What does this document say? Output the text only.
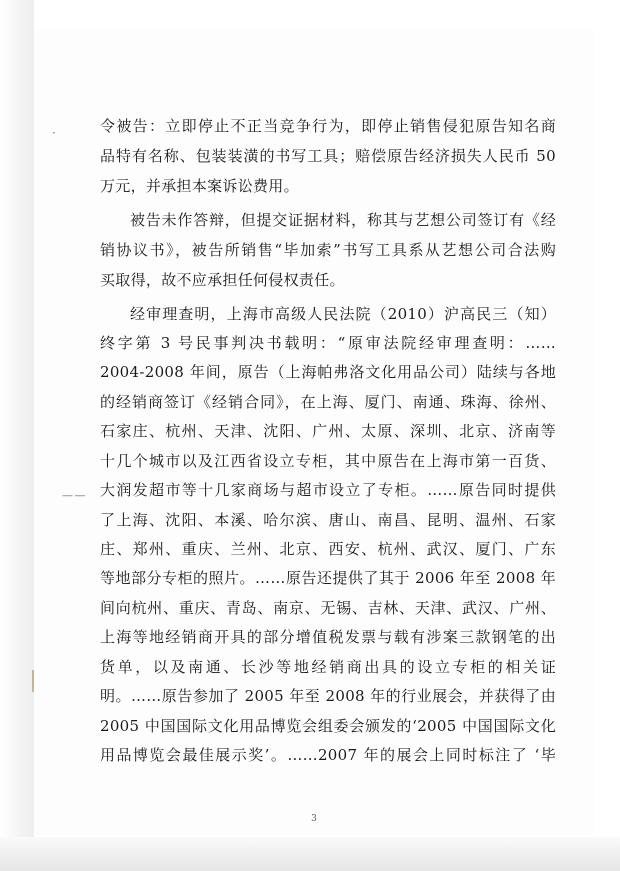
令被告：立即停止不正当竞争行为，即停止销售侵犯原告知名商
品特有名称、包装装潢的书写工具；赔偿原告经济损失人民币 50
万元，并承担本案诉讼费用。
被告未作答辩，但提交证据材料，称其与艺想公司签订有《经
销协议书》，被告所销售“毕加索”书写工具系从艺想公司合法购
买取得，故不应承担任何侵权责任。
经审理查明，上海市高级人民法院（2010）沪高民三（知）
终字第 3 号民事判决书载明：“原审法院经审理查明：……
2004-2008 年间，原告（上海帕弗洛文化用品公司）陆续与各地
的经销商签订《经销合同》，在上海、厦门、南通、珠海、徐州、
石家庄、杭州、天津、沈阳、广州、太原、深圳、北京、济南等
十几个城市以及江西省设立专柜，其中原告在上海市第一百货、
大润发超市等十几家商场与超市设立了专柜。……原告同时提供
了上海、沈阳、本溪、哈尔滨、唐山、南昌、昆明、温州、石家
庄、郑州、重庆、兰州、北京、西安、杭州、武汉、厦门、广东
等地部分专柜的照片。……原告还提供了其于 2006 年至 2008 年
间向杭州、重庆、青岛、南京、无锡、吉林、天津、武汉、广州、
上海等地经销商开具的部分增值税发票与载有涉案三款钢笔的出
货单，以及南通、长沙等地经销商出具的设立专柜的相关证
明。……原告参加了 2005 年至 2008 年的行业展会，并获得了由
2005 中国国际文化用品博览会组委会颁发的‘2005 中国国际文化
用品博览会最佳展示奖’。……2007 年的展会上同时标注了 ‘毕
3
·
— —
